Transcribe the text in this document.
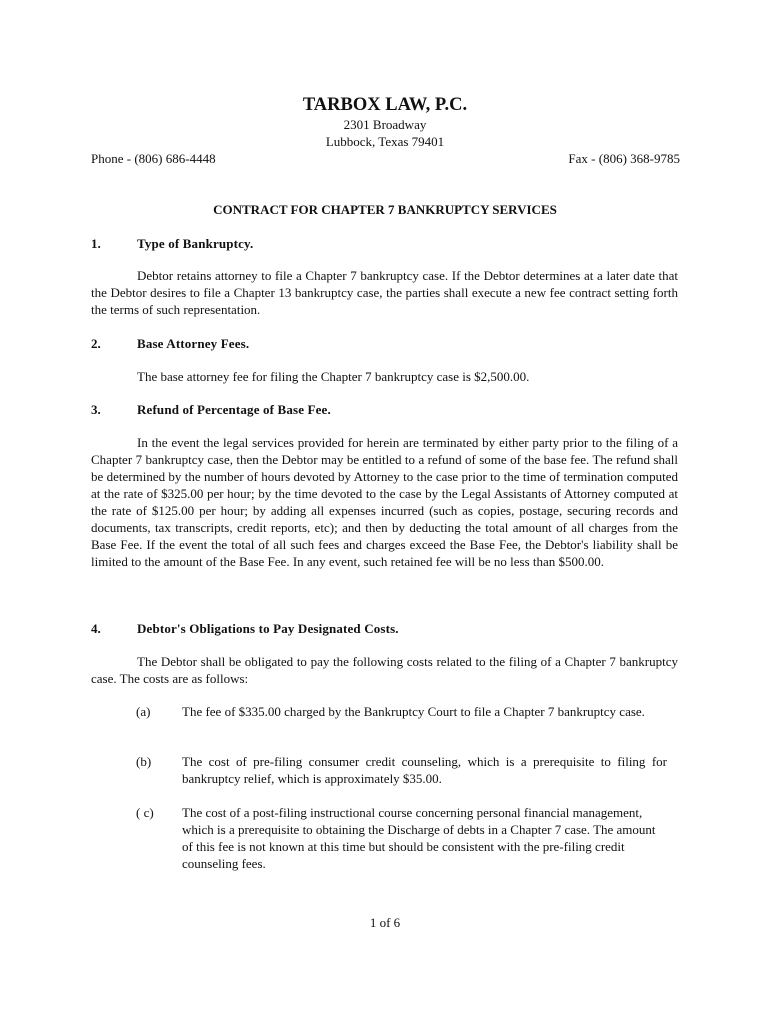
TARBOX LAW, P.C.
2301 Broadway
Lubbock, Texas 79401
Phone - (806) 686-4448	Fax - (806) 368-9785
CONTRACT FOR CHAPTER 7 BANKRUPTCY SERVICES
1.	Type of Bankruptcy.
Debtor retains attorney to file a Chapter 7 bankruptcy case. If the Debtor determines at a later date that the Debtor desires to file a Chapter 13 bankruptcy case, the parties shall execute a new fee contract setting forth the terms of such representation.
2.	Base Attorney Fees.
The base attorney fee for filing the Chapter 7 bankruptcy case is $2,500.00.
3.	Refund of Percentage of Base Fee.
In the event the legal services provided for herein are terminated by either party prior to the filing of a Chapter 7 bankruptcy case, then the Debtor may be entitled to a refund of some of the base fee. The refund shall be determined by the number of hours devoted by Attorney to the case prior to the time of termination computed at the rate of $325.00 per hour; by the time devoted to the case by the Legal Assistants of Attorney computed at the rate of $125.00 per hour; by adding all expenses incurred (such as copies, postage, securing records and documents, tax transcripts, credit reports, etc); and then by deducting the total amount of all charges from the Base Fee. If the event the total of all such fees and charges exceed the Base Fee, the Debtor's liability shall be limited to the amount of the Base Fee. In any event, such retained fee will be no less than $500.00.
4.	Debtor's Obligations to Pay Designated Costs.
The Debtor shall be obligated to pay the following costs related to the filing of a Chapter 7 bankruptcy case. The costs are as follows:
(a) The fee of $335.00 charged by the Bankruptcy Court to file a Chapter 7 bankruptcy case.
(b) The cost of pre-filing consumer credit counseling, which is a prerequisite to filing for bankruptcy relief, which is approximately $35.00.
( c) The cost of a post-filing instructional course concerning personal financial management, which is a prerequisite to obtaining the Discharge of debts in a Chapter 7 case. The amount of this fee is not known at this time but should be consistent with the pre-filing credit counseling fees.
1 of 6
